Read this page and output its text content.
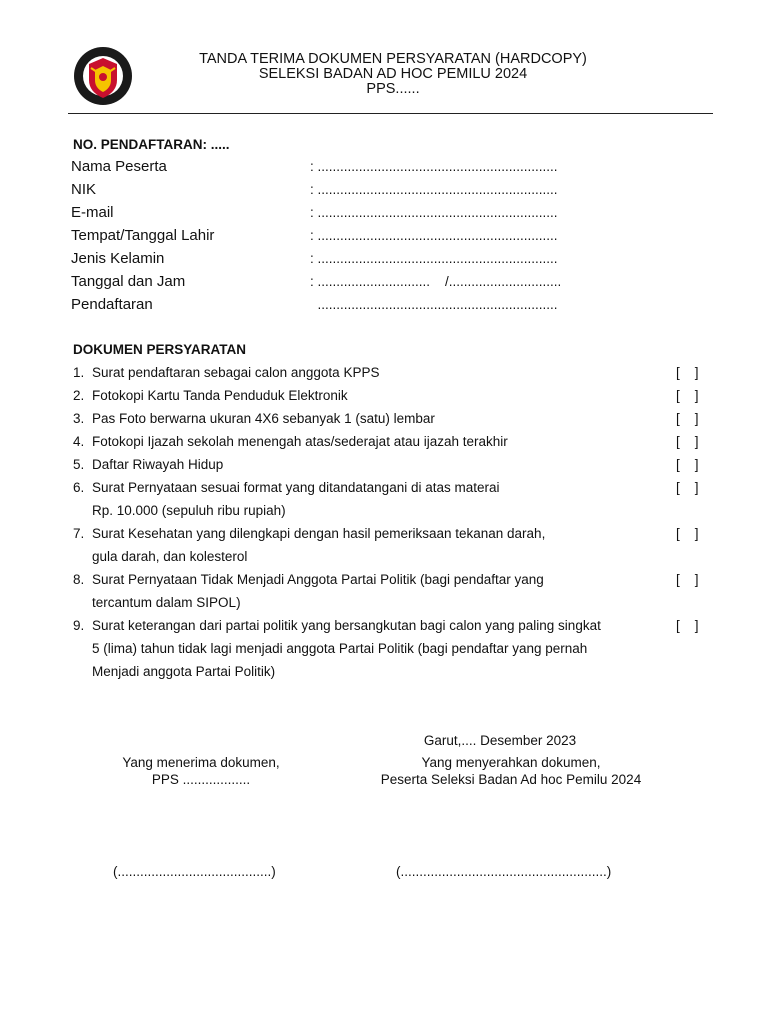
TANDA TERIMA DOKUMEN PERSYARATAN (HARDCOPY)
SELEKSI BADAN AD HOC PEMILU 2024
PPS......
NO. PENDAFTARAN: .....
Nama Peserta	: ................................................................
NIK	: ................................................................
E-mail	: ................................................................
Tempat/Tanggal Lahir	: ................................................................
Jenis Kelamin	: ................................................................
Tanggal dan Jam	: ..............................    /..............................
Pendaftaran	................................................................
DOKUMEN PERSYARATAN
1. Surat pendaftaran sebagai calon anggota KPPS	[    ]
2. Fotokopi Kartu Tanda Penduduk Elektronik	[    ]
3. Pas Foto berwarna ukuran 4X6 sebanyak 1 (satu) lembar	[    ]
4. Fotokopi Ijazah sekolah menengah atas/sederajat atau ijazah terakhir	[    ]
5. Daftar Riwayah Hidup	[    ]
6. Surat Pernyataan sesuai format yang ditandatangani di atas materai
Rp. 10.000 (sepuluh ribu rupiah)
[    ]
7. Surat Kesehatan yang dilengkapi dengan hasil pemeriksaan tekanan darah,
gula darah, dan kolesterol
[    ]
8. Surat Pernyataan Tidak Menjadi Anggota Partai Politik (bagi pendaftar yang
tercantum dalam SIPOL)
[    ]
9. Surat keterangan dari partai politik yang bersangkutan bagi calon yang paling singkat
5 (lima) tahun tidak lagi menjadi anggota Partai Politik (bagi pendaftar yang pernah
Menjadi anggota Partai Politik)
[    ]
Garut,.... Desember 2023
Yang menerima dokumen,
PPS ..................
Yang menyerahkan dokumen,
Peserta Seleksi Badan Ad hoc Pemilu 2024
(.........................................)	(.......................................................)
